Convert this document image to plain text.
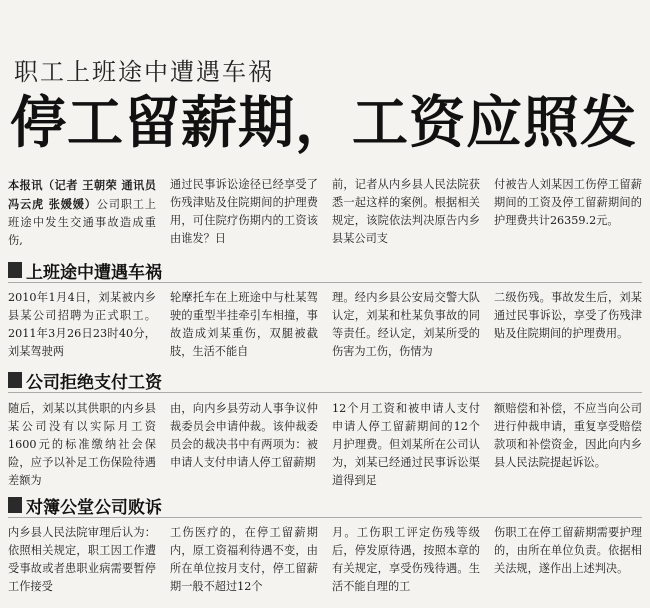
职工上班途中遭遇车祸
停工留薪期，工资应照发
本报讯（记者 王朝荣 通讯员 冯云虎 张媛媛）公司职工上班途中发生交通事故造成重伤,
通过民事诉讼途径已经享受了伤残津贴及住院期间的护理费用，可住院疗伤期内的工资该由谁发？日
前，记者从内乡县人民法院获悉一起这样的案例。根据相关规定，该院依法判决原告内乡县某公司支
付被告人刘某因工伤停工留薪期间的工资及停工留薪期间的护理费共计26359.2元。
上班途中遭遇车祸
2010年1月4日，刘某被内乡县某公司招聘为正式职工。2011年3月26日23时40分，刘某驾驶两
轮摩托车在上班途中与杜某驾驶的重型半挂牵引车相撞，事故造成刘某重伤，双腿被截肢，生活不能自
理。经内乡县公安局交警大队认定，刘某和杜某负事故的同等责任。经认定，刘某所受的伤害为工伤，伤情为
二级伤残。事故发生后，刘某通过民事诉讼，享受了伤残津贴及住院期间的护理费用。
公司拒绝支付工资
随后，刘某以其供职的内乡县某公司没有以实际月工资1600元的标准缴纳社会保险，应予以补足工伤保险待遇差额为
由，向内乡县劳动人事争议仲裁委员会申请仲裁。该仲裁委员会的裁决书中有两项为：被申请人支付申请人停工留薪期
12个月工资和被申请人支付申请人停工留薪期间的12个月护理费。但刘某所在公司认为，刘某已经通过民事诉讼渠道得到足
额赔偿和补偿，不应当向公司进行仲裁申请，重复享受赔偿款项和补偿资金，因此向内乡县人民法院提起诉讼。
对簿公堂公司败诉
内乡县人民法院审理后认为：依照相关规定，职工因工作遭受事故或者患职业病需要暂停工作接受
工伤医疗的，在停工留薪期内，原工资福利待遇不变，由所在单位按月支付，停工留薪期一般不超过12个
月。工伤职工评定伤残等级后，停发原待遇，按照本章的有关规定，享受伤残待遇。生活不能自理的工
伤职工在停工留薪期需要护理的，由所在单位负责。依据相关法规，遂作出上述判决。
